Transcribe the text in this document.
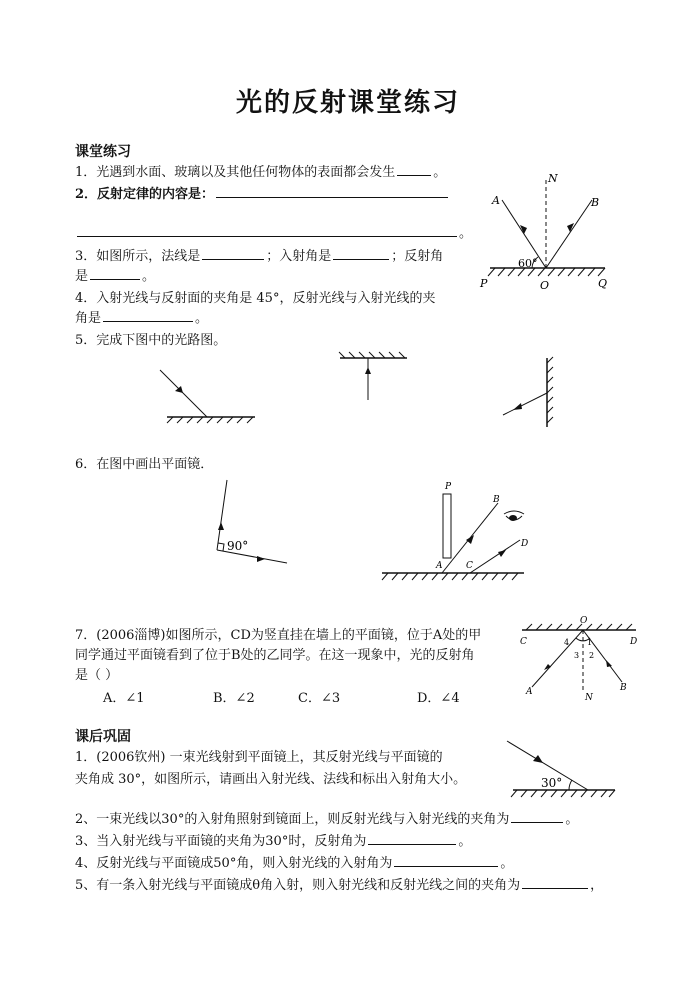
光的反射课堂练习
课堂练习
1．光遇到水面、玻璃以及其他任何物体的表面都会发生	。
2．反射定律的内容是：
。
3．如图所示，法线是	；入射角是	；反射角
是	。
4．入射光线与反射面的夹角是 45°，反射光线与入射光线的夹
角是	。
5．完成下图中的光路图。
N
A	B
60°
P	O	Q
6．在图中画出平面镜．
90°
P
B
A	C
D
7．(2006淄博)如图所示，CD为竖直挂在墙上的平面镜，位于A处的甲
同学通过平面镜看到了位于B处的乙同学。在这一现象中，光的反射角
是（ ）
A．∠1	B．∠2	C．∠3	D．∠4
O
C	D
4 1
3 2
A	B
N
课后巩固
1．(2006钦州) 一束光线射到平面镜上，其反射光线与平面镜的
夹角成 30°，如图所示，请画出入射光线、法线和标出入射角大小。	30°
2、一束光线以30°的入射角照射到镜面上，则反射光线与入射光线的夹角为	。
3、当入射光线与平面镜的夹角为30°时，反射角为	。
4、反射光线与平面镜成50°角，则入射光线的入射角为	。
5、有一条入射光线与平面镜成θ角入射，则入射光线和反射光线之间的夹角为	，
